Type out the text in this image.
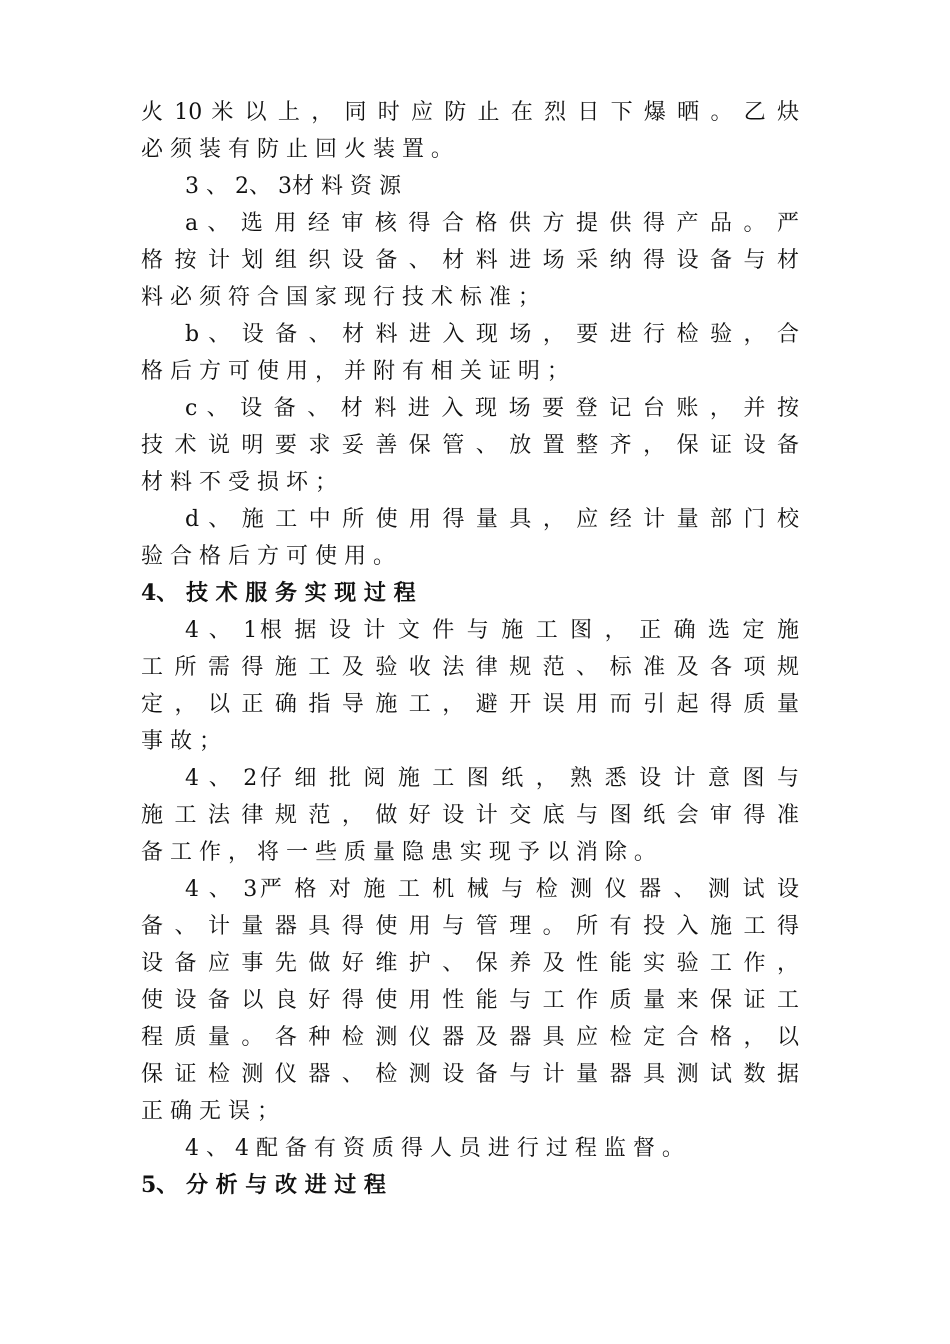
火 10 米 以 上 ， 同 时 应 防 止 在 烈 日 下 爆 晒 。 乙 炔
必 须 装 有 防 止 回 火 装 置 。
3 、 2、 3材 料 资 源
a 、 选 用 经 审 核 得 合 格 供 方 提 供 得 产 品 。 严
格 按 计 划 组 织 设 备 、 材 料 进 场 采 纳 得 设 备 与 材
料 必 须 符 合 国 家 现 行 技 术 标 准 ；
b 、 设 备 、 材 料 进 入 现 场 ， 要 进 行 检 验 ， 合
格 后 方 可 使 用 ， 并 附 有 相 关 证 明 ；
c 、 设 备 、 材 料 进 入 现 场 要 登 记 台 账 ， 并 按
技 术 说 明 要 求 妥 善 保 管 、 放 置 整 齐 ， 保 证 设 备
材 料 不 受 损 坏 ；
d 、 施 工 中 所 使 用 得 量 具 ， 应 经 计 量 部 门 校
验 合 格 后 方 可 使 用 。
4、 技 术 服 务 实 现 过 程
4 、 1根 据 设 计 文 件 与 施 工 图 ， 正 确 选 定 施
工 所 需 得 施 工 及 验 收 法 律 规 范 、 标 准 及 各 项 规
定 ， 以 正 确 指 导 施 工 ， 避 开 误 用 而 引 起 得 质 量
事 故 ；
4 、 2仔 细 批 阅 施 工 图 纸 ， 熟 悉 设 计 意 图 与
施 工 法 律 规 范 ， 做 好 设 计 交 底 与 图 纸 会 审 得 准
备 工 作 ， 将 一 些 质 量 隐 患 实 现 予 以 消 除 。
4 、 3严 格 对 施 工 机 械 与 检 测 仪 器 、 测 试 设
备 、 计 量 器 具 得 使 用 与 管 理 。 所 有 投 入 施 工 得
设 备 应 事 先 做 好 维 护 、 保 养 及 性 能 实 验 工 作 ，
使 设 备 以 良 好 得 使 用 性 能 与 工 作 质 量 来 保 证 工
程 质 量 。 各 种 检 测 仪 器 及 器 具 应 检 定 合 格 ， 以
保 证 检 测 仪 器 、 检 测 设 备 与 计 量 器 具 测 试 数 据
正 确 无 误 ；
4 、 4 配 备 有 资 质 得 人 员 进 行 过 程 监 督 。
5、 分 析 与 改 进 过 程
